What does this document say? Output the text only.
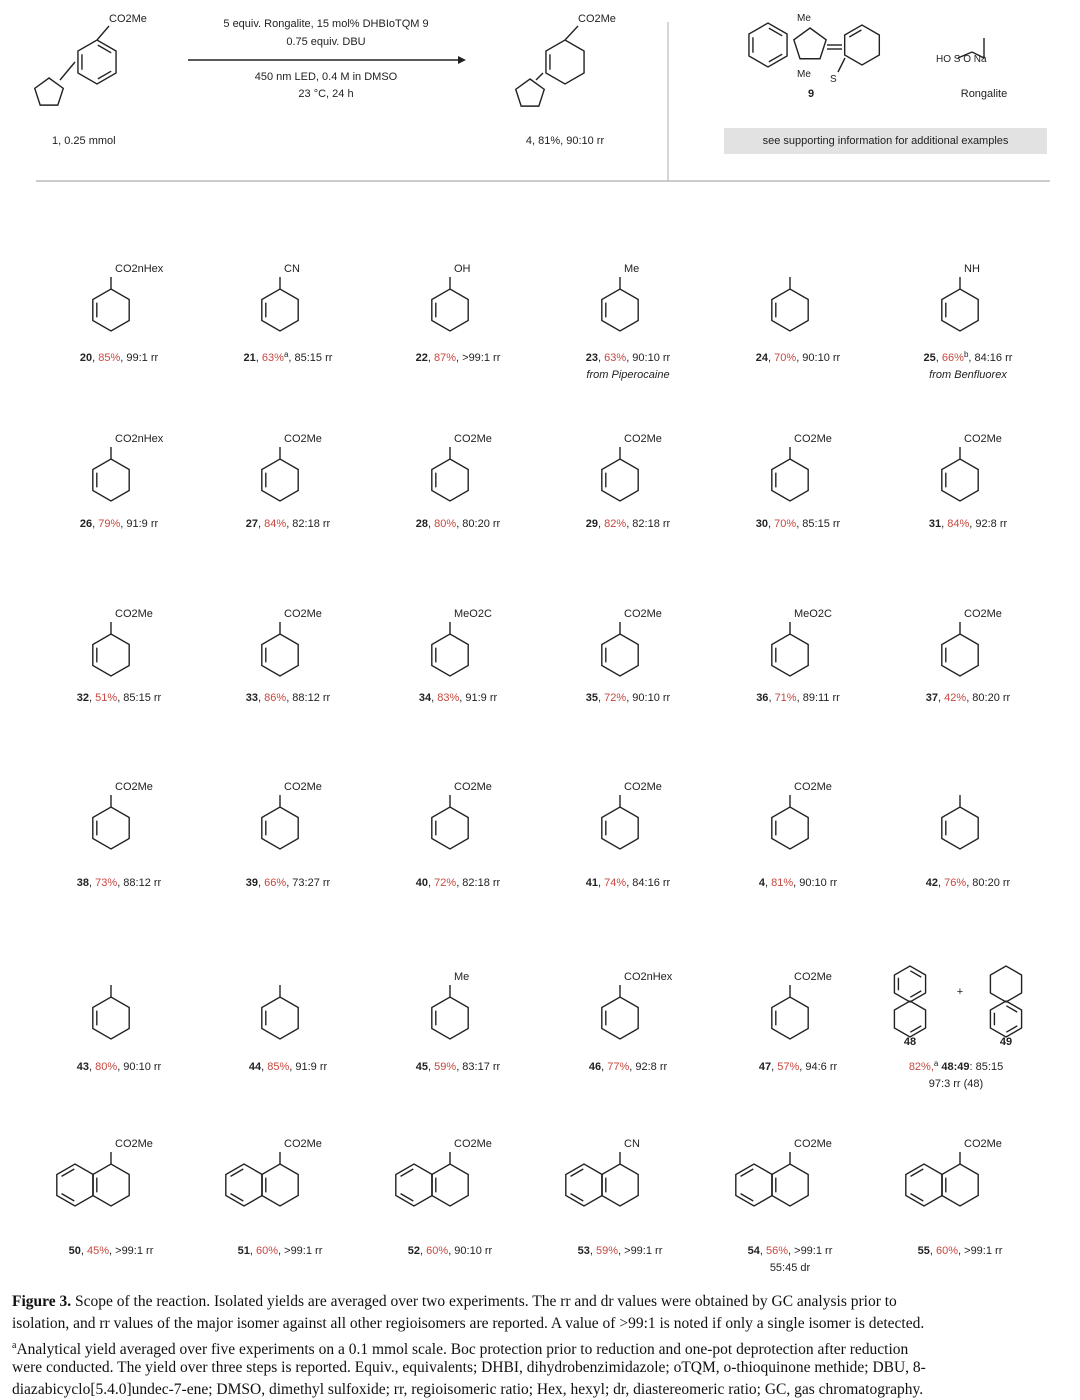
5 equiv. Rongalite, 15 mol% DHBIoTQM 9
0.75 equiv. DBU
450 nm LED, 0.4 M in DMSO
23 °C, 24 h
CO2nHex
20, 85%, 99:1 rr
CN
21, 63%$^a$, 85:15 rr
OH
22, 87%, >99:1 rr
Me
23, 63%, 90:10 rr
from Piperocaine
24, 70%, 90:10 rr
NH
25, 66%$^b$, 84:16 rr
from Benfluorex
CO2nHex
26, 79%, 91:9 rr
CO2Me
27, 84%, 82:18 rr
CO2Me
28, 80%, 80:20 rr
CO2Me
29, 82%, 82:18 rr
CO2Me
30, 70%, 85:15 rr
CO2Me
31, 84%, 92:8 rr
CO2Me
32, 51%, 85:15 rr
CO2Me
33, 86%, 88:12 rr
MeO2C
34, 83%, 91:9 rr
CO2Me
35, 72%, 90:10 rr
MeO2C
36, 71%, 89:11 rr
CO2Me
37, 42%, 80:20 rr
CO2Me
38, 73%, 88:12 rr
CO2Me
39, 66%, 73:27 rr
CO2Me
40, 72%, 82:18 rr
CO2Me
41, 74%, 84:16 rr
CO2Me
4, 81%, 90:10 rr	42, 76%, 80:20 rr
43, 80%, 90:10 rr	44, 85%, 91:9 rr
Me
45, 59%, 83:17 rr
CO2nHex
46, 77%, 92:8 rr
CO2Me
47, 57%, 94:6 rr
CO2Me
50, 45%, >99:1 rr
CO2Me
51, 60%, >99:1 rr
CO2Me
52, 60%, 90:10 rr
CN
53, 59%, >99:1 rr
CO2Me
54, 56%, >99:1 rr
55:45 dr
CO2Me
55, 60%, >99:1 rr
+
48	49
82%,$^a$ 48:49: 85:15
97:3 rr (48)
1, 0.25 mmol
CO2Me	CO2Me
4, 81%, 90:10 rr
9
Me
Me S
Rongalite
HO S O Na
see supporting information for additional examples
Figure 3. Scope of the reaction. Isolated yields are averaged over two experiments. The rr and dr values were obtained by GC analysis prior to
isolation, and rr values of the major isomer against all other regioisomers are reported. A value of >99:1 is noted if only a single isomer is detected.
$^a$Analytical yield averaged over five experiments on a 0.1 mmol scale. Boc protection prior to reduction and one-pot deprotection after reduction
were conducted. The yield over three steps is reported. Equiv., equivalents; DHBI, dihydrobenzimidazole; oTQM, o-thioquinone methide; DBU, 8-
diazabicyclo[5.4.0]undec-7-ene; DMSO, dimethyl sulfoxide; rr, regioisomeric ratio; Hex, hexyl; dr, diastereomeric ratio; GC, gas chromatography.
